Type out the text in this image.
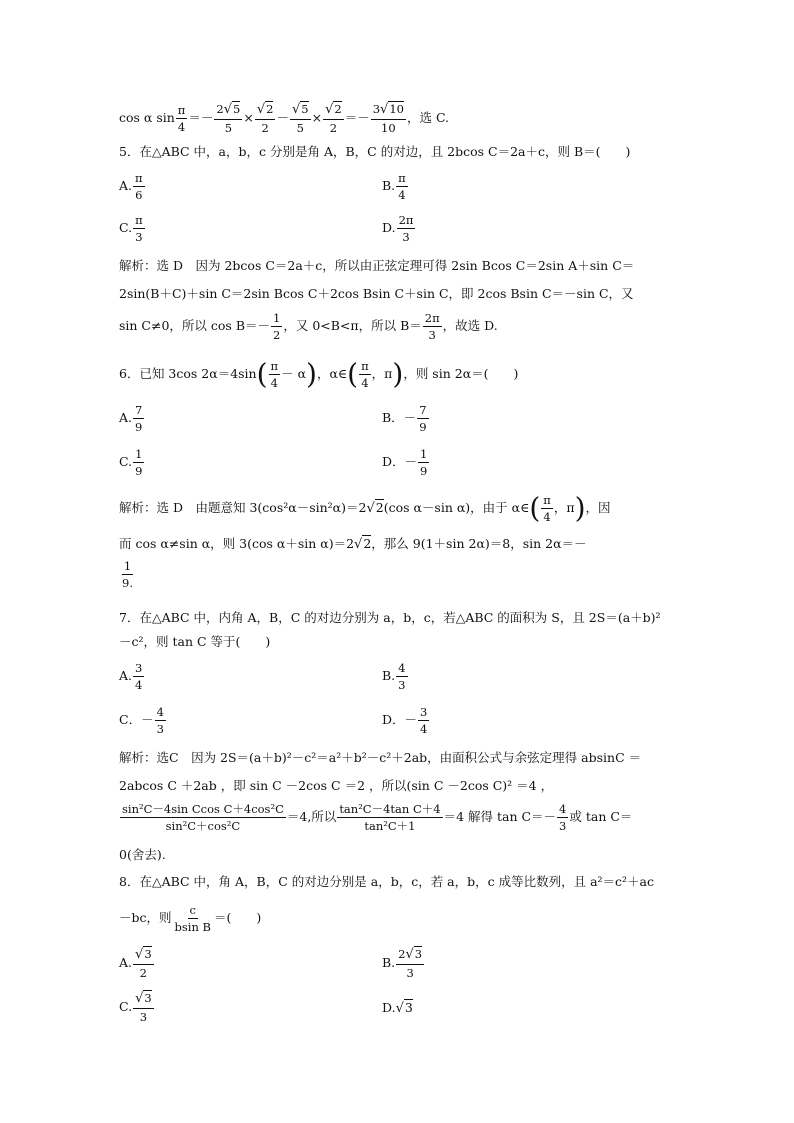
cos α $\sin \frac{\pi}{4} =- \frac{2√5}{5} \times \frac{√2}{2} - \frac{√5}{5} \times \frac{√2}{2} =- \frac{3√10}{10}$ ，选 C.
5．在△ABC 中，a，b，c 分别是角 A，B，C 的对边，且 2bcos C＝2a＋c，则 B＝(　　)
A. $\frac{\pi}{6}$	B. $\frac{\pi}{4}$
C. $\frac{\pi}{3}$	D. $\frac{2\pi}{3}$
解析：选 D　因为 2bcos C＝2a＋c，所以由正弦定理可得 2sin Bcos C＝2sin A＋sin C＝
2sin(B＋C)＋sin C＝2sin Bcos C＋2cos Bsin C＋sin C，即 2cos Bsin C＝－sin C，又
sin C≠0，所以 $\cos B=- \frac{1}{2}$ ，又 0<B<π，所以 $B= \frac{2\pi}{3}$ ，故选 D.
6．已知 3cos $2\alpha=4\sin( \frac{\pi}{4} - \alpha)$，α∈( $\frac{\pi}{4}$ ，π)，则 sin 2α＝(　　)
A. $\frac{7}{9}$	B．－ $\frac{7}{9}$
C. $\frac{1}{9}$	D．－ $\frac{1}{9}$
解析：选 D　由题意知 3(cos²α－sin²α)＝2√2(cos α－sin α)，由于 α∈( $\frac{\pi}{4}$ ，π)，因
而 cos α≠sin α，则 3(cos α＋sin α)＝2√2，那么 9(1＋sin 2α)＝8，sin 2α＝－
$\frac{1}{9.}$
7．在△ABC 中，内角 A，B，C 的对边分别为 a，b，c，若△ABC 的面积为 S，且 2S＝(a＋b)²
－c²，则 tan C 等于(　　)
A. $\frac{3}{4}$	B. $\frac{4}{3}$
C．－ $\frac{4}{3}$	D．－ $\frac{3}{4}$
解析：选C　因为 2S＝(a＋b)²－c²＝a²＋b²－c²＋2ab，由面积公式与余弦定理得 absinC ＝
2abcos C ＋2ab ，即 sin C －2cos C ＝2 ，所以(sin C －2cos C)² ＝4 ，
$\frac{\text{sin²C－4sin Ccos C＋4cos²C}}{\text{sin²C＋cos²C}} =4$,所以 $\frac{\text{tan²C－4tan C＋4}}{\text{tan²C＋1}} =4$ 解得 $\tan C=- \frac{4}{3}$ 或 tan C＝
0(舍去).
8．在△ABC 中，角 A，B，C 的对边分别是 a，b，c，若 a，b，c 成等比数列，且 a²＝c²＋ac
－bc，则 $\frac{c}{\text{bsin B}}$ ＝(　　)
A. $\frac{√3}{2}$	B. $\frac{2√3}{3}$
C. $\frac{√3}{3}$	D.√3
